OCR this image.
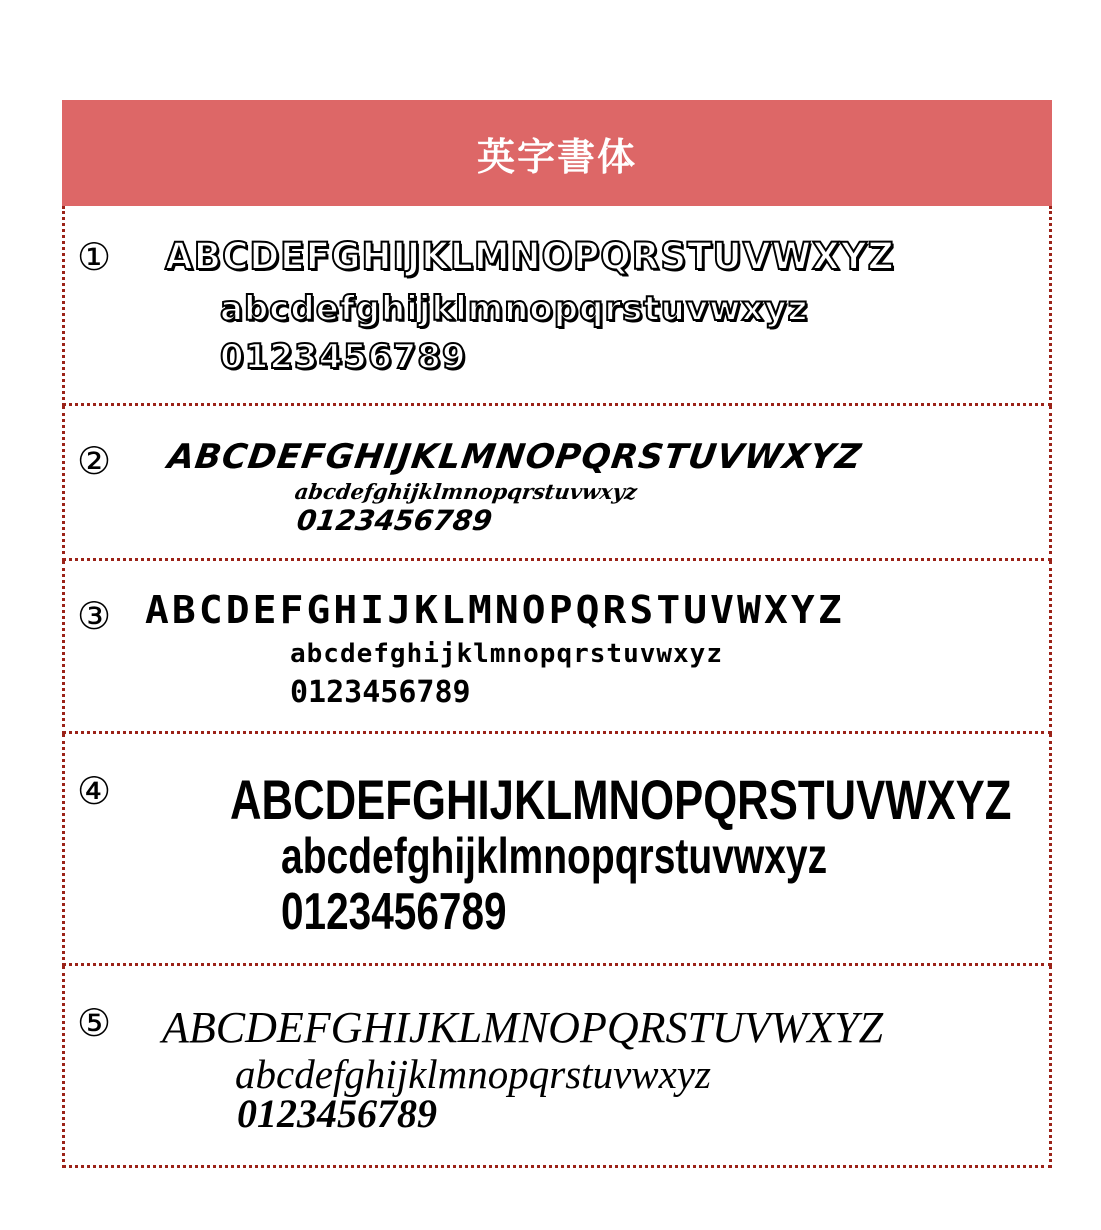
英字書体
① ABCDEFGHIJKLMNOPQRSTUVWXYZ
abcdefghijklmnopqrstuvwxyz
0123456789
② ABCDEFGHIJKLMNOPQRSTUVWXYZ
abcdefghijklmnopqrstuvwxyz
0123456789
③ ABCDEFGHIJKLMNOPQRSTUVWXYZ
abcdefghijklmnopqrstuvwxyz
0123456789
④ ABCDEFGHIJKLMNOPQRSTUVWXYZ
abcdefghijklmnopqrstuvwxyz
0123456789
⑤ ABCDEFGHIJKLMNOPQRSTUVWXYZ
abcdefghijklmnopqrstuvwxyz
0123456789
